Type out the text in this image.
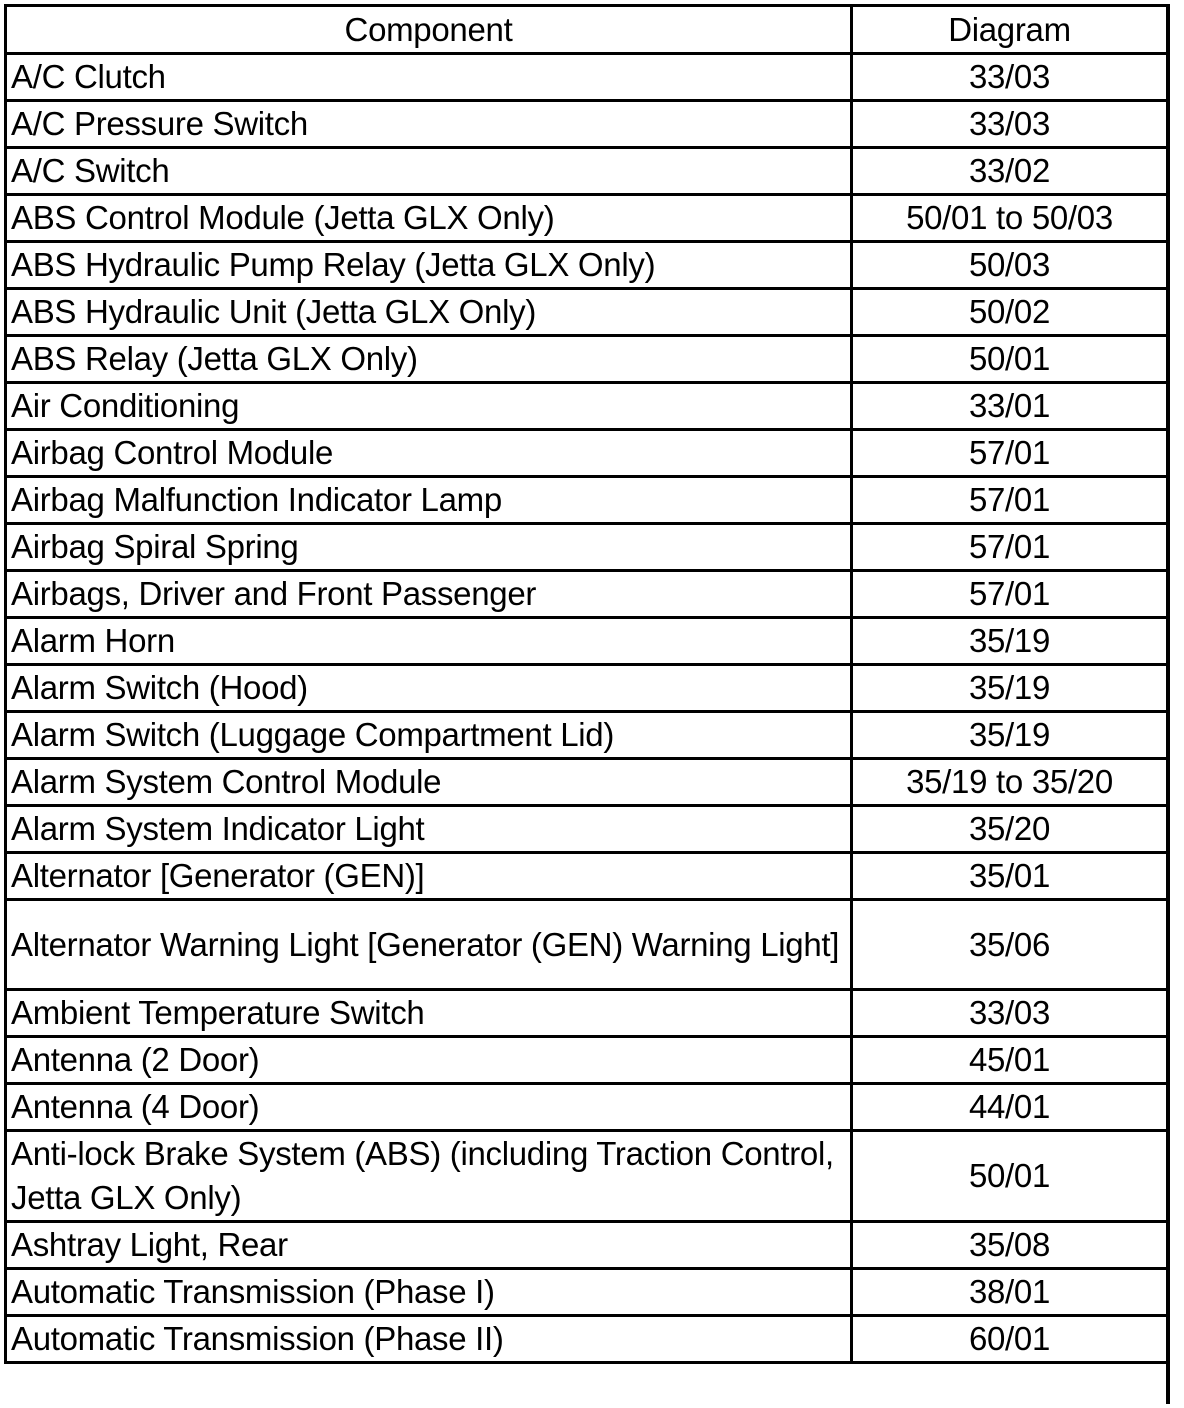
Component	Diagram
A/C Clutch	33/03
A/C Pressure Switch	33/03
A/C Switch	33/02
ABS Control Module (Jetta GLX Only)	50/01 to 50/03
ABS Hydraulic Pump Relay (Jetta GLX Only)	50/03
ABS Hydraulic Unit (Jetta GLX Only)	50/02
ABS Relay (Jetta GLX Only)	50/01
Air Conditioning	33/01
Airbag Control Module	57/01
Airbag Malfunction Indicator Lamp	57/01
Airbag Spiral Spring	57/01
Airbags, Driver and Front Passenger	57/01
Alarm Horn	35/19
Alarm Switch (Hood)	35/19
Alarm Switch (Luggage Compartment Lid)	35/19
Alarm System Control Module	35/19 to 35/20
Alarm System Indicator Light	35/20
Alternator [Generator (GEN)]	35/01
Alternator Warning Light [Generator (GEN) Warning Light]	35/06
Ambient Temperature Switch	33/03
Antenna (2 Door)	45/01
Antenna (4 Door)	44/01
Anti-lock Brake System (ABS) (including Traction Control, Jetta GLX Only)	50/01
Ashtray Light, Rear	35/08
Automatic Transmission (Phase I)	38/01
Automatic Transmission (Phase II)	60/01
